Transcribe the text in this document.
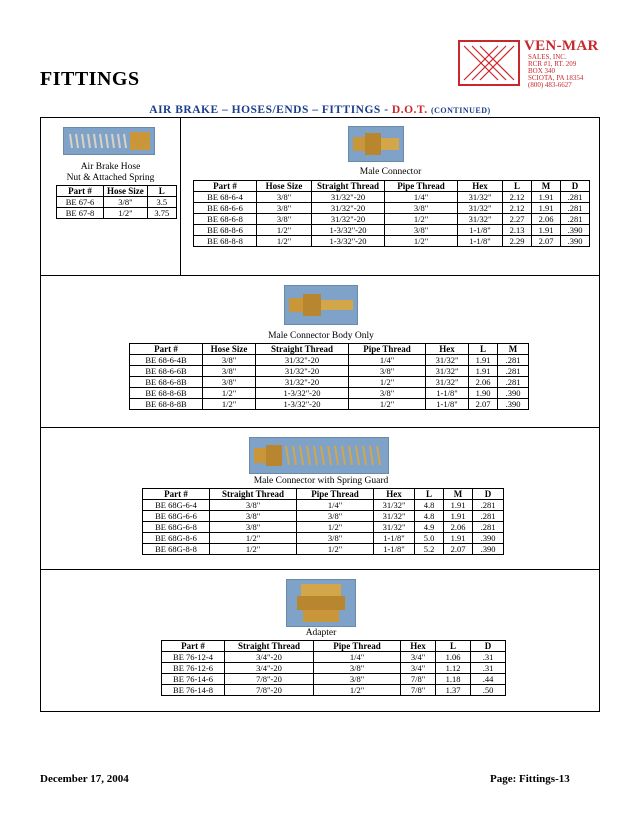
VEN-MAR
SALES, INC.
RCR #1, RT. 209
BOX 340
SCIOTA, PA 18354
(800) 483-6627
FITTINGS
AIR BRAKE – HOSES/ENDS – FITTINGS - D.O.T. (CONTINUED)
Air Brake Hose
Nut & Attached Spring
Part #	Hose Size	L
BE 67-6	3/8"	3.5
BE 67-8	1/2"	3.75
Male Connector
Part #	Hose Size	Straight Thread	Pipe Thread	Hex	L	M	D
BE 68-6-4	3/8"	31/32"-20	1/4"	31/32"	2.12	1.91	.281
BE 68-6-6	3/8"	31/32"-20	3/8"	31/32"	2.12	1.91	.281
BE 68-6-8	3/8"	31/32"-20	1/2"	31/32"	2.27	2.06	.281
BE 68-8-6	1/2"	1-3/32"-20	3/8"	1-1/8"	2.13	1.91	.390
BE 68-8-8	1/2"	1-3/32"-20	1/2"	1-1/8"	2.29	2.07	.390
Male Connector Body Only
Part #	Hose Size	Straight Thread	Pipe Thread	Hex	L	M
BE 68-6-4B	3/8"	31/32"-20	1/4"	31/32"	1.91	.281
BE 68-6-6B	3/8"	31/32"-20	3/8"	31/32"	1.91	.281
BE 68-6-8B	3/8"	31/32"-20	1/2"	31/32"	2.06	.281
BE 68-8-6B	1/2"	1-3/32"-20	3/8"	1-1/8"	1.90	.390
BE 68-8-8B	1/2"	1-3/32"-20	1/2"	1-1/8"	2.07	.390
Male Connector with Spring Guard
Part #	Straight Thread	Pipe Thread	Hex	L	M	D
BE 68G-6-4	3/8"	1/4"	31/32"	4.8	1.91	.281
BE 68G-6-6	3/8"	3/8"	31/32"	4.8	1.91	.281
BE 68G-6-8	3/8"	1/2"	31/32"	4.9	2.06	.281
BE 68G-8-6	1/2"	3/8"	1-1/8"	5.0	1.91	.390
BE 68G-8-8	1/2"	1/2"	1-1/8"	5.2	2.07	.390
Adapter
Part #	Straight Thread	Pipe Thread	Hex	L	D
BE 76-12-4	3/4"-20	1/4"	3/4"	1.06	.31
BE 76-12-6	3/4"-20	3/8"	3/4"	1.12	.31
BE 76-14-6	7/8"-20	3/8"	7/8"	1.18	.44
BE 76-14-8	7/8"-20	1/2"	7/8"	1.37	.50
December 17, 2004	Page: Fittings-13
